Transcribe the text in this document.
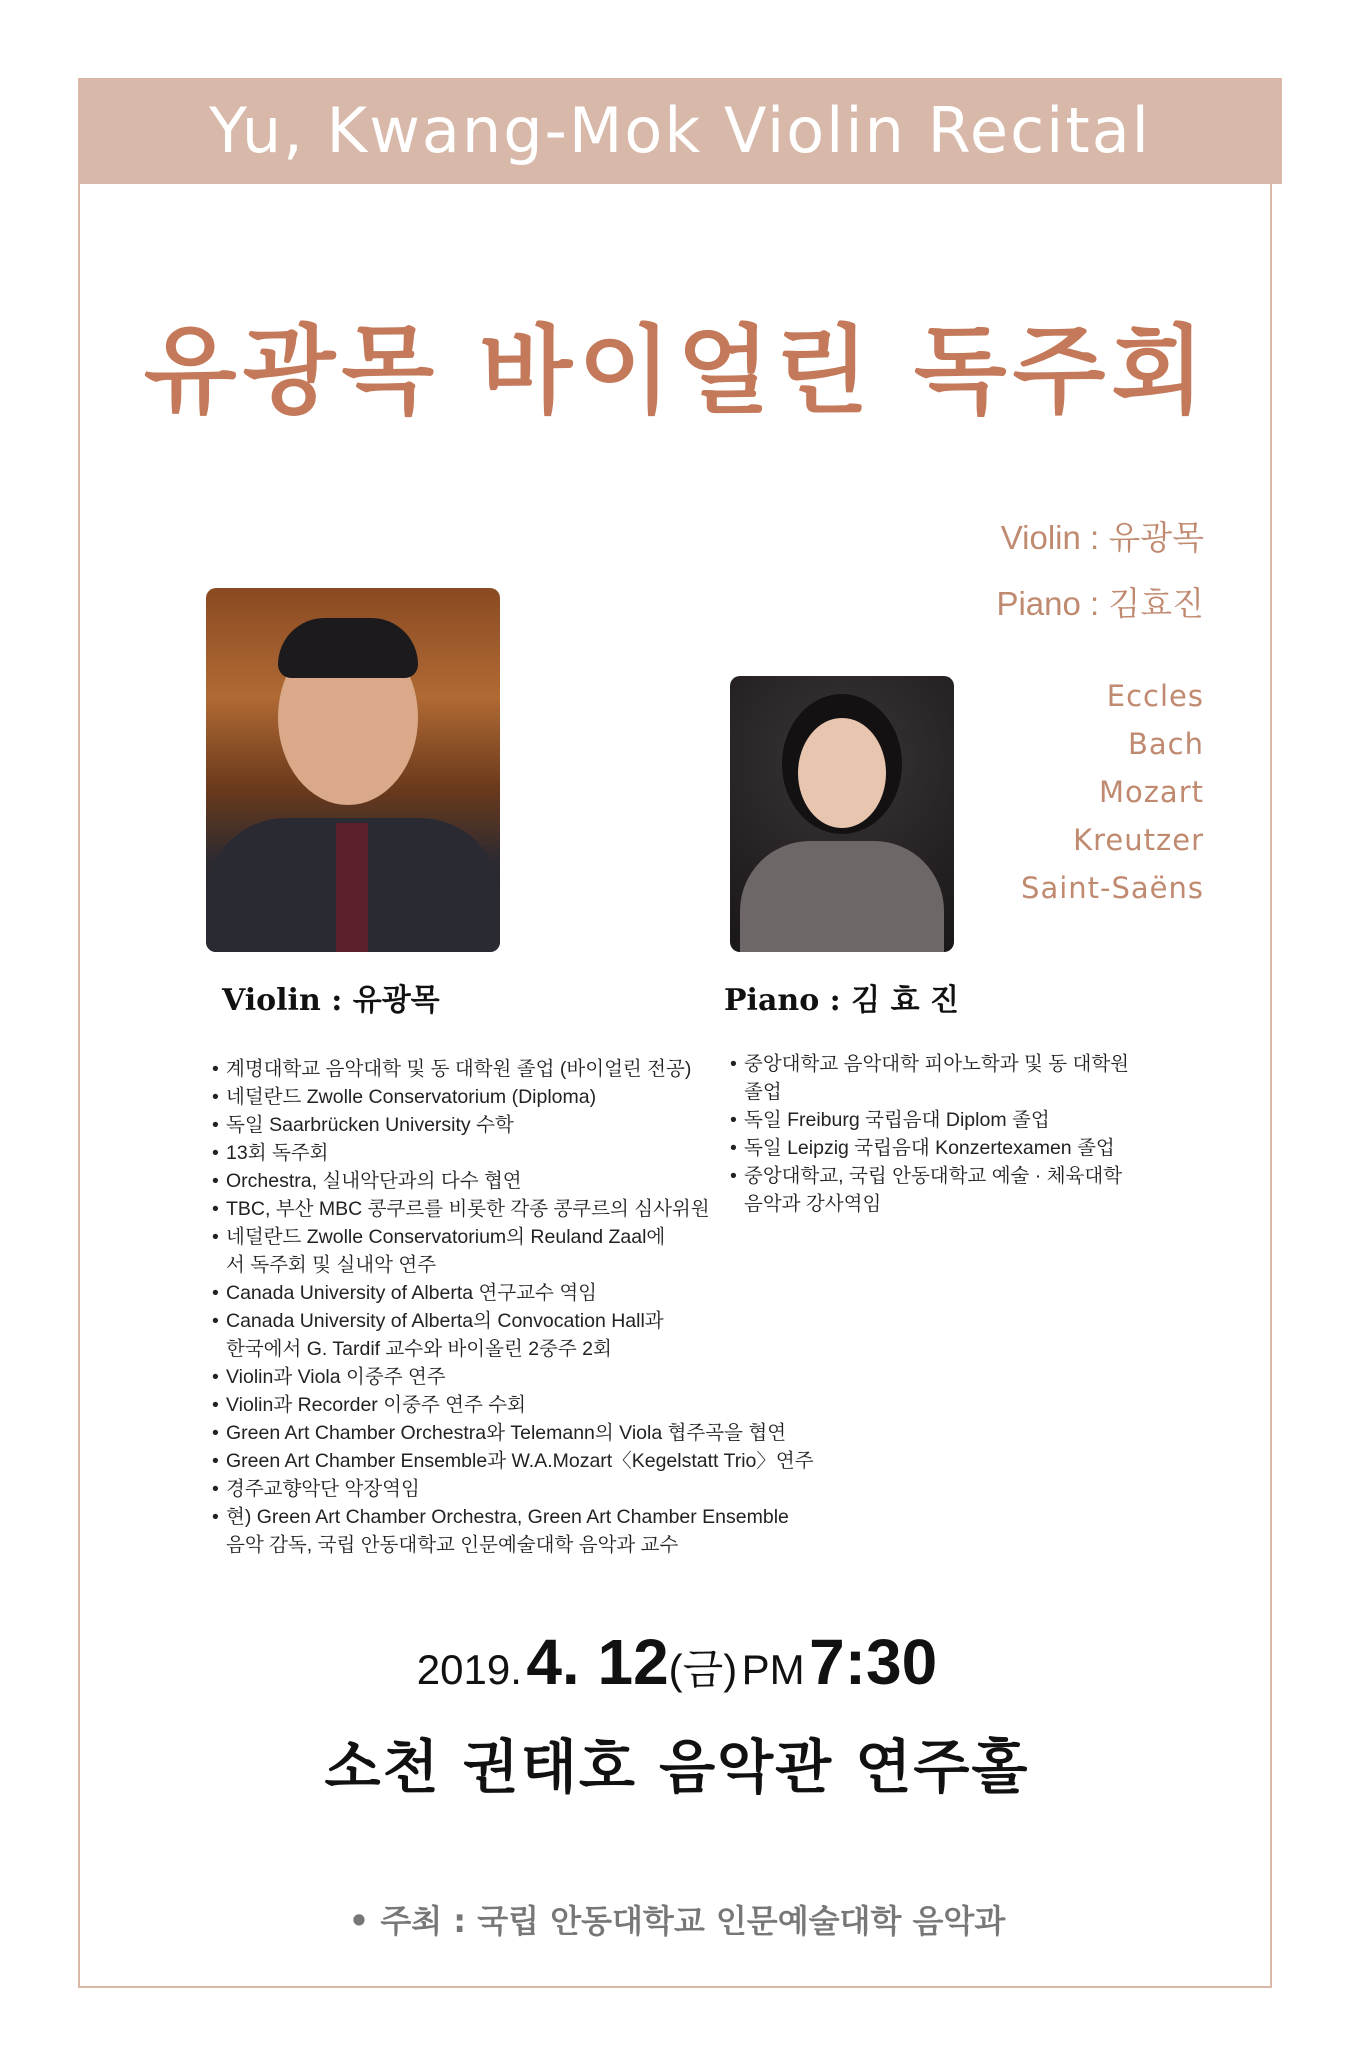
Yu, Kwang-Mok Violin Recital
유광목 바이얼린 독주회
Violin : 유광목
Piano : 김효진
Eccles
Bach
Mozart
Kreutzer
Saint-Saëns
Violin : 유광목	Piano : 김 효 진
• 계명대학교 음악대학 및 동 대학원 졸업 (바이얼린 전공)
• 네덜란드 Zwolle Conservatorium (Diploma)
• 독일 Saarbrücken University 수학
• 13회 독주회
• Orchestra, 실내악단과의 다수 협연
• TBC, 부산 MBC 콩쿠르를 비롯한 각종 콩쿠르의 심사위원
• 네덜란드 Zwolle Conservatorium의 Reuland Zaal에서 독주회 및 실내악 연주
• Canada University of Alberta 연구교수 역임
• Canada University of Alberta의 Convocation Hall과 한국에서 G. Tardif 교수와 바이올린 2중주 2회
• Violin과 Viola 이중주 연주
• Violin과 Recorder 이중주 연주 수회
• Green Art Chamber Orchestra와 Telemann의 Viola 협주곡을 협연
• Green Art Chamber Ensemble과 W.A.Mozart〈Kegelstatt Trio〉연주
• 경주교향악단 악장역임
• 현) Green Art Chamber Orchestra, Green Art Chamber Ensemble 음악 감독, 국립 안동대학교 인문예술대학 음악과 교수
• 중앙대학교 음악대학 피아노학과 및 동 대학원 졸업
• 독일 Freiburg 국립음대 Diplom 졸업
• 독일 Leipzig 국립음대 Konzertexamen 졸업
• 중앙대학교, 국립 안동대학교 예술 · 체육대학 음악과 강사역임
2019. 4. 12(금) PM 7:30
소천 권태호 음악관 연주홀
• 주최 : 국립 안동대학교 인문예술대학 음악과
